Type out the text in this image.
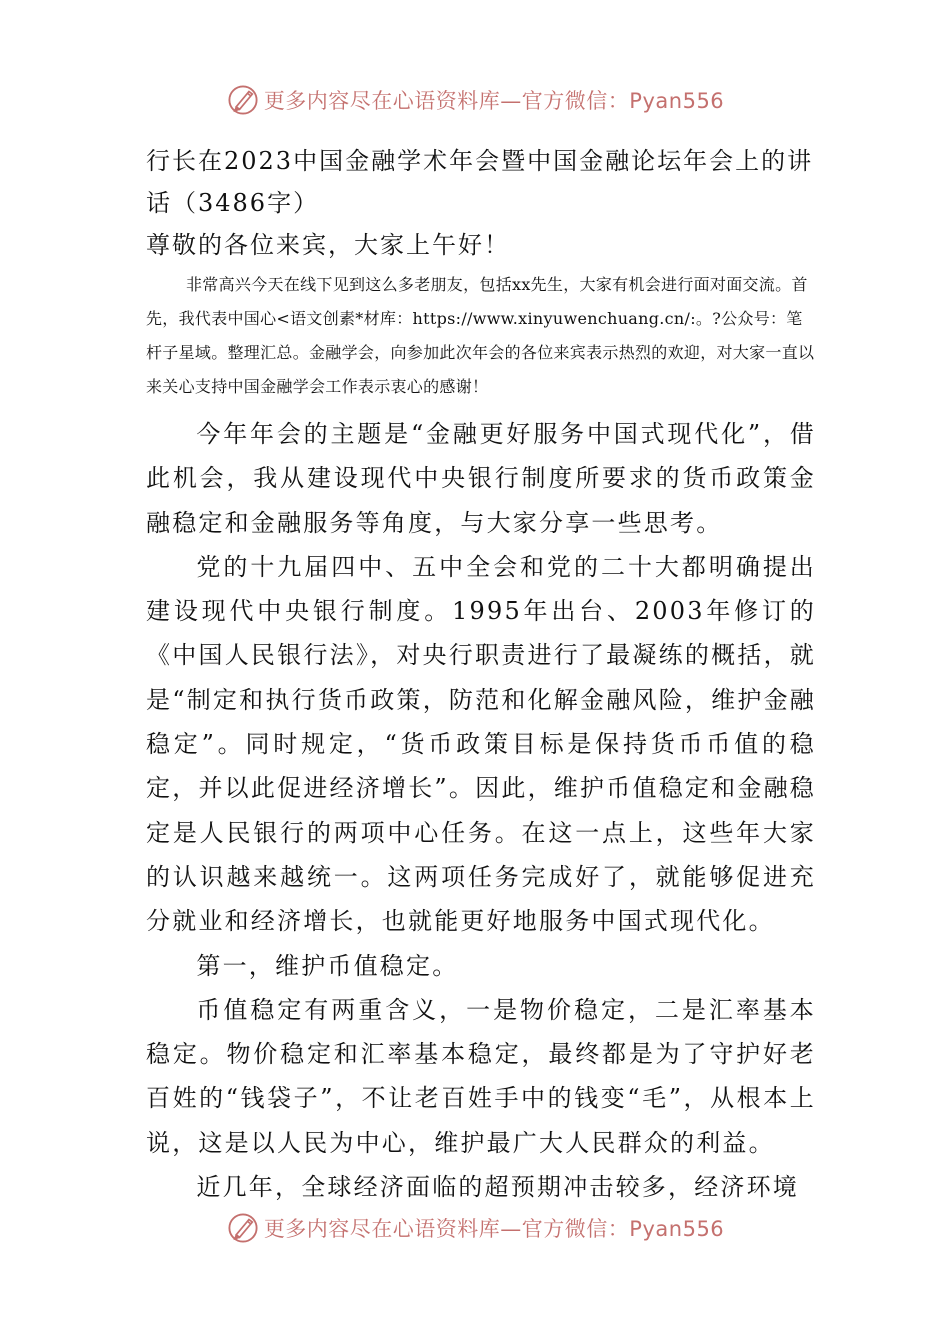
更多内容尽在心语资料库—官方微信：Pyan556
行长在2023中国金融学术年会暨中国金融论坛年会上的讲话（3486字）

尊敬的各位来宾，大家上午好！

非常高兴今天在线下见到这么多老朋友，包括xx先生，大家有机会进行面对面交流。首先，我代表中国心<语文创素*材库：https://www.xinyuwenchuang.cn/:。?公众号：笔杆子星域。整理汇总。金融学会，向参加此次年会的各位来宾表示热烈的欢迎，对大家一直以来关心支持中国金融学会工作表示衷心的感谢！

今年年会的主题是“金融更好服务中国式现代化”，借此机会，我从建设现代中央银行制度所要求的货币政策金融稳定和金融服务等角度，与大家分享一些思考。

党的十九届四中、五中全会和党的二十大都明确提出建设现代中央银行制度。1995年出台、2003年修订的《中国人民银行法》，对央行职责进行了最凝练的概括，就是“制定和执行货币政策，防范和化解金融风险，维护金融稳定”。同时规定，“货币政策目标是保持货币币值的稳定，并以此促进经济增长”。因此，维护币值稳定和金融稳定是人民银行的两项中心任务。在这一点上，这些年大家的认识越来越统一。这两项任务完成好了，就能够促进充分就业和经济增长，也就能更好地服务中国式现代化。

第一，维护币值稳定。

币值稳定有两重含义，一是物价稳定，二是汇率基本稳定。物价稳定和汇率基本稳定，最终都是为了守护好老百姓的“钱袋子”，不让老百姓手中的钱变“毛”，从根本上说，这是以人民为中心，维护最广大人民群众的利益。

近几年，全球经济面临的超预期冲击较多，经济环境

更多内容尽在心语资料库—官方微信：Pyan556
